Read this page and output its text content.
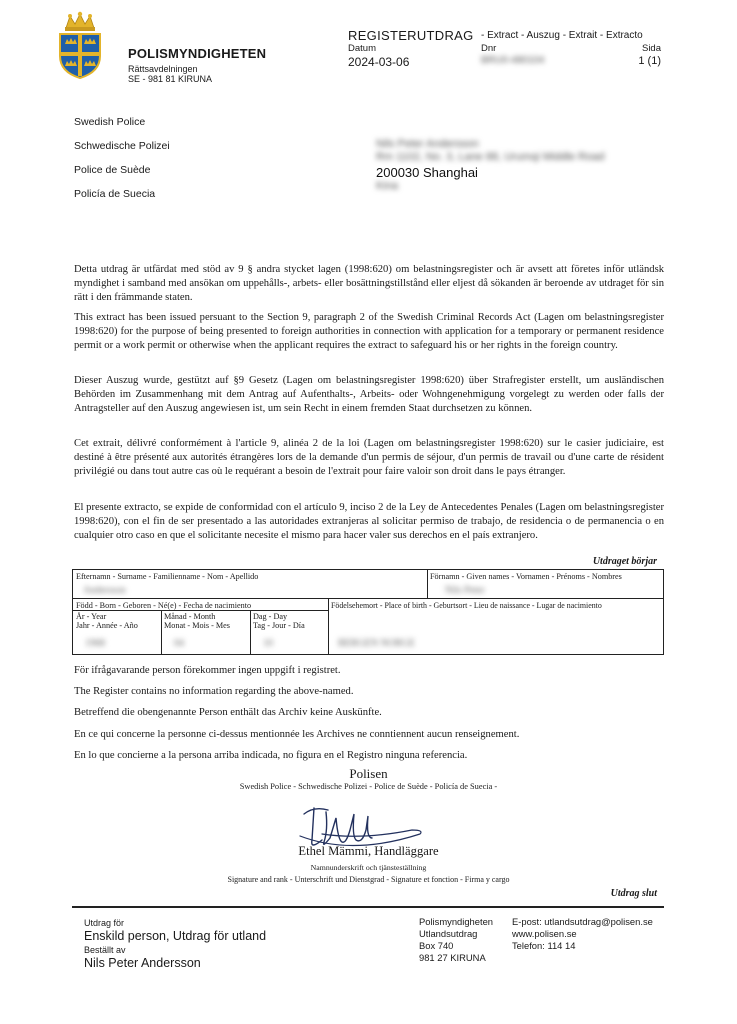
POLISMYNDIGHETEN
Rättsavdelningen
SE - 981 81 KIRUNA
REGISTERUTDRAG - Extract - Auszug - Extrait - Extracto
Datum
2024-03-06
Dnr
BRU0-480104
Sida
1 (1)
Swedish Police
Schwedische Polizei
Police de Suède
Policía de Suecia
Nils Peter Andersson
Rm 1102, No. 3, Lane 88, Urumqi Middle Road
200030 Shanghai
Kina

Detta utdrag är utfärdat med stöd av 9 § andra stycket lagen (1998:620) om belastningsregister och är avsett att företes inför utländsk myndighet i samband med ansökan om uppehålls-, arbets- eller bosättningstillstånd eller eljest då sökanden är beroende av utdraget för sin rätt i den främmande staten.

This extract has been issued persuant to the Section 9, paragraph 2 of the Swedish Criminal Records Act (Lagen om belastningsregister 1998:620) for the purpose of being presented to foreign authorities in connection with application for a temporary or permanent residence permit or a work permit or otherwise when the applicant requires the extract to safeguard his or her rights in the foreign country.

Dieser Auszug wurde, gestützt auf §9 Gesetz (Lagen om belastningsregister 1998:620) über Strafregister erstellt, um ausländischen Behörden im Zusammenhang mit dem Antrag auf Aufenthalts-, Arbeits- oder Wohngenehmigung vorgelegt zu werden oder falls der Antragsteller auf den Auszug angewiesen ist, um sein Recht in einem fremden Staat durchsetzen zu können.

Cet extrait, délivré conformément à l'article 9, alinéa 2 de la loi (Lagen om belastningsregister 1998:620) sur le casier judiciaire, est destiné à être présenté aux autorités étrangères lors de la demande d'un permis de séjour, d'un permis de travail ou d'une carte de résident privilégié ou dans tout autre cas où le requérant a besoin de l'extrait pour faire valoir son droit dans le pays étranger.

El presente extracto, se expide de conformidad con el artículo 9, inciso 2 de la Ley de Antecedentes Penales (Lagen om belastningsregister 1998:620), con el fin de ser presentado a las autoridades extranjeras al solicitar permiso de trabajo, de residencia o de permanencia o en cualquier otro caso en que el solicitante necesite el mismo para hacer valer sus derechos en el país extranjero.

Utdraget börjar
Efternamn - Surname - Familienname - Nom - Apellido
Andersson
Förnamn - Given names - Vornamen - Prénoms - Nombres
Nils Peter
Född - Born - Geboren - Né(e) - Fecha de nacimiento	Födelsehemort - Place of birth - Geburtsort - Lieu de naissance - Lugar de nacimiento
År - Year
Jahr - Année - Año
Månad - Month
Monat - Mois - Mes
Dag - Day
Tag - Jour - Día
1968	04	10	BERGEN NORGE
För ifrågavarande person förekommer ingen uppgift i registret.
The Register contains no information regarding the above-named.
Betreffend die obengenannte Person enthält das Archiv keine Auskünfte.
En ce qui concerne la personne ci-dessus mentionnée les Archives ne conntiennent aucun renseignement.
En lo que concierne a la persona arriba indicada, no figura en el Registro ninguna referencia.
Polisen
Swedish Police - Schwedische Polizei - Police de Suède - Policía de Suecia -
Ethel Mämmi, Handläggare
Namnunderskrift och tjänsteställning
Signature and rank - Unterschrift und Dienstgrad - Signature et fonction - Firma y cargo
Utdrag slut
Utdrag för
Enskild person, Utdrag för utland
Beställt av
Nils Peter Andersson
Polismyndigheten
Utlandsutdrag
Box 740
981 27 KIRUNA
E-post: utlandsutdrag@polisen.se
www.polisen.se
Telefon: 114 14
